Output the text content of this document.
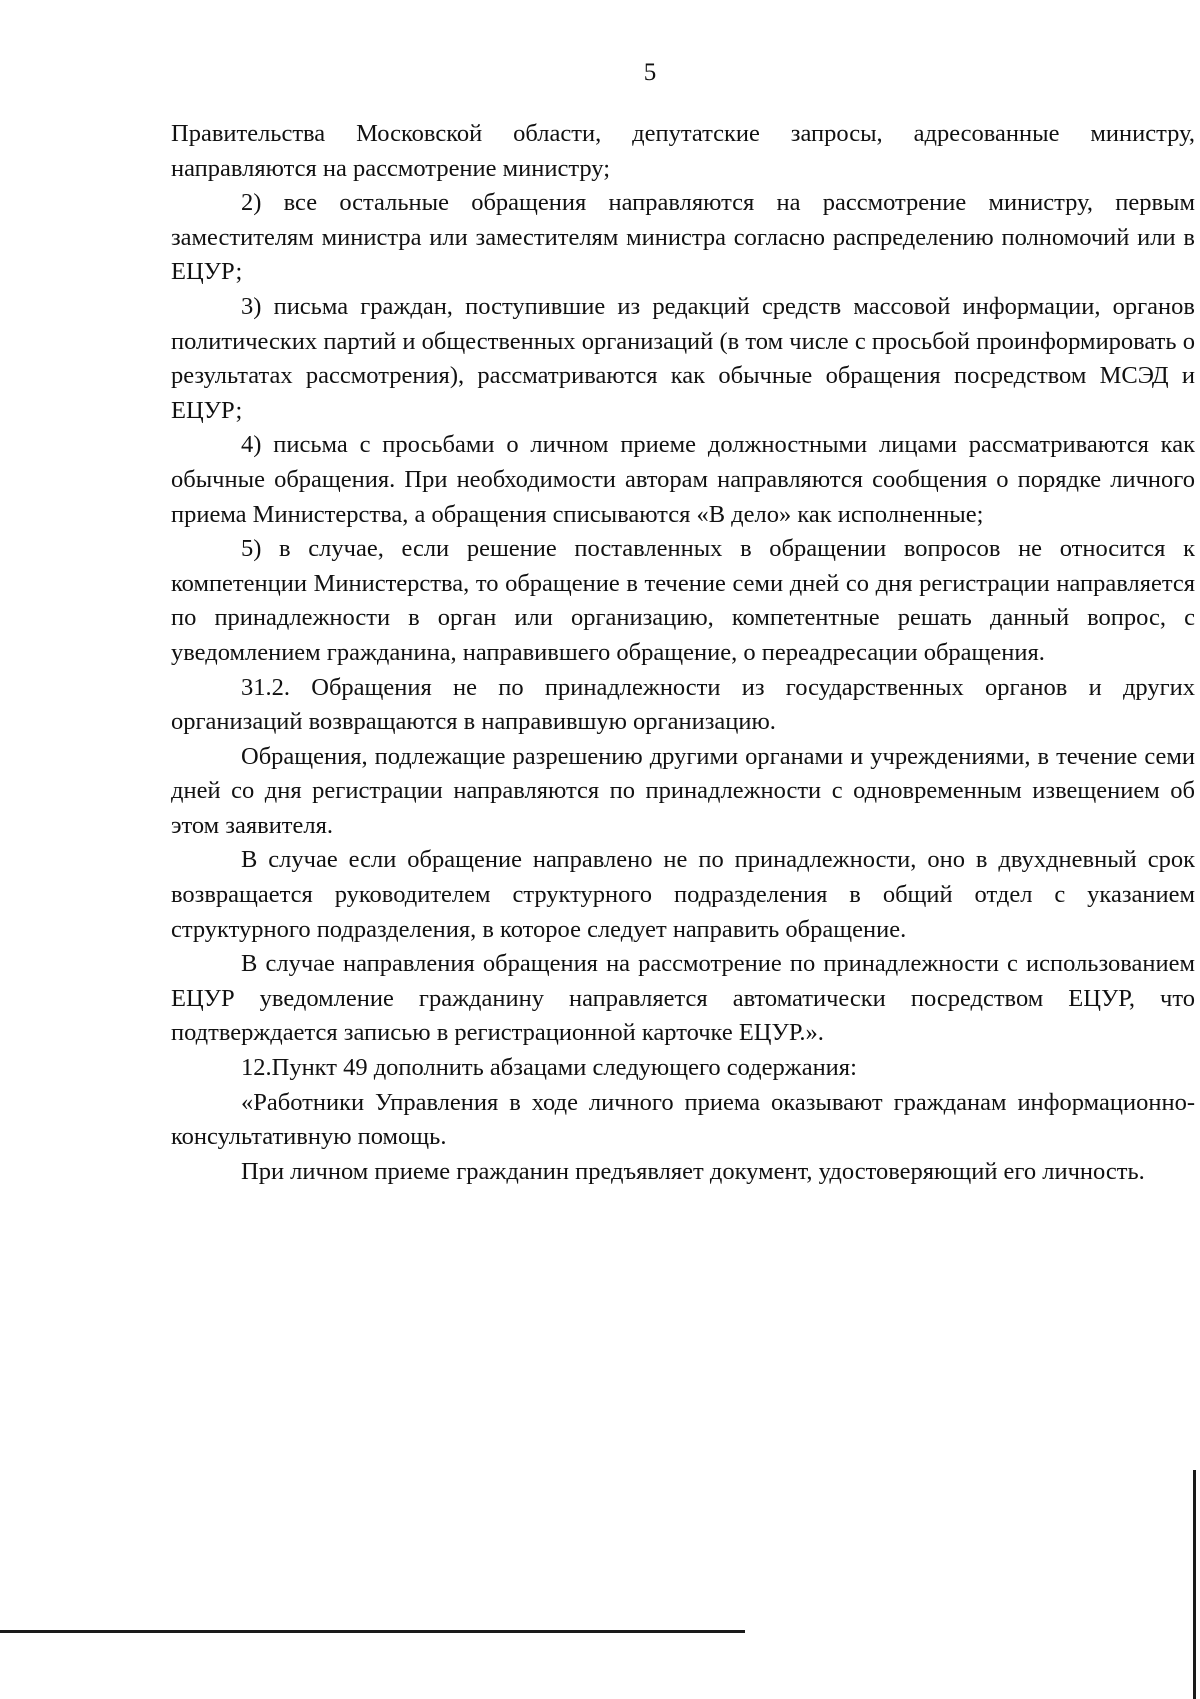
5

Правительства Московской области, депутатские запросы, адресованные министру, направляются на рассмотрение министру;

2) все остальные обращения направляются на рассмотрение министру, первым заместителям министра или заместителям министра согласно распределению полномочий или в ЕЦУР;

3) письма граждан, поступившие из редакций средств массовой информации, органов политических партий и общественных организаций (в том числе с просьбой проинформировать о результатах рассмотрения), рассматриваются как обычные обращения посредством МСЭД и ЕЦУР;

4) письма с просьбами о личном приеме должностными лицами рассматриваются как обычные обращения. При необходимости авторам направляются сообщения о порядке личного приема Министерства, а обращения списываются «В дело» как исполненные;

5) в случае, если решение поставленных в обращении вопросов не относится к компетенции Министерства, то обращение в течение семи дней со дня регистрации направляется по принадлежности в орган или организацию, компетентные решать данный вопрос, с уведомлением гражданина, направившего обращение, о переадресации обращения.

31.2. Обращения не по принадлежности из государственных органов и других организаций возвращаются в направившую организацию.

Обращения, подлежащие разрешению другими органами и учреждениями, в течение семи дней со дня регистрации направляются по принадлежности с одновременным извещением об этом заявителя.

В случае если обращение направлено не по принадлежности, оно в двухдневный срок возвращается руководителем структурного подразделения в общий отдел с указанием структурного подразделения, в которое следует направить обращение.

В случае направления обращения на рассмотрение по принадлежности с использованием ЕЦУР уведомление гражданину направляется автоматически посредством ЕЦУР, что подтверждается записью в регистрационной карточке ЕЦУР.».

12.Пункт 49 дополнить абзацами следующего содержания:

«Работники Управления в ходе личного приема оказывают гражданам информационно-консультативную помощь.

При личном приеме гражданин предъявляет документ, удостоверяющий его личность.
